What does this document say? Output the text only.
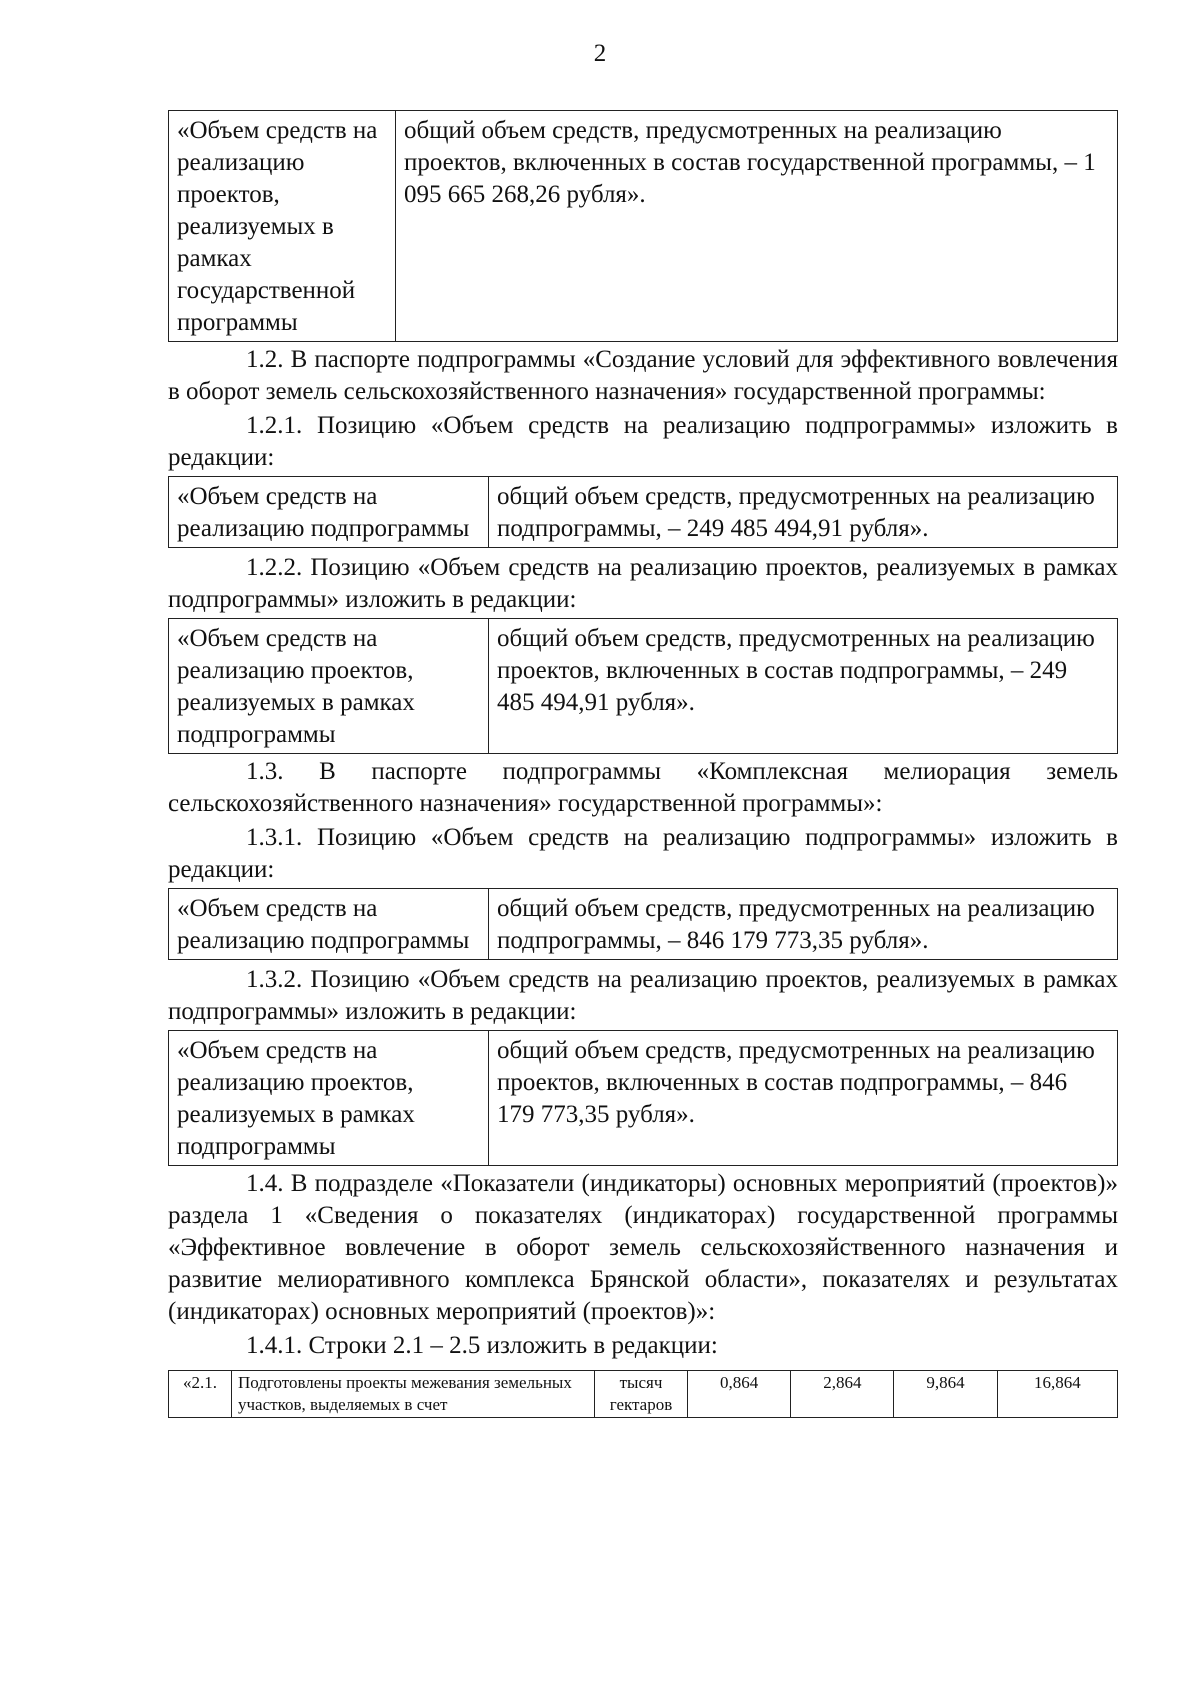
2
«Объем средств на реализацию проектов, реализуемых в рамках государственной программы	общий объем средств, предусмотренных на реализацию проектов, включенных в состав государственной программы, – 1 095 665 268,26 рубля».

1.2. В паспорте подпрограммы «Создание условий для эффективного вовлечения в оборот земель сельскохозяйственного назначения» государственной программы:

1.2.1. Позицию «Объем средств на реализацию подпрограммы» изложить в редакции:

«Объем средств на реализацию подпрограммы	общий объем средств, предусмотренных на реализацию подпрограммы, – 249 485 494,91 рубля».

1.2.2. Позицию «Объем средств на реализацию проектов, реализуемых в рамках подпрограммы» изложить в редакции:

«Объем средств на реализацию проектов, реализуемых в рамках подпрограммы	общий объем средств, предусмотренных на реализацию проектов, включенных в состав подпрограммы, – 249 485 494,91 рубля».

1.3. В паспорте подпрограммы «Комплексная мелиорация земель сельскохозяйственного назначения» государственной программы»:

1.3.1. Позицию «Объем средств на реализацию подпрограммы» изложить в редакции:

«Объем средств на реализацию подпрограммы	общий объем средств, предусмотренных на реализацию подпрограммы, – 846 179 773,35 рубля».

1.3.2. Позицию «Объем средств на реализацию проектов, реализуемых в рамках подпрограммы» изложить в редакции:

«Объем средств на реализацию проектов, реализуемых в рамках подпрограммы	общий объем средств, предусмотренных на реализацию проектов, включенных в состав подпрограммы, – 846 179 773,35 рубля».

1.4. В подразделе «Показатели (индикаторы) основных мероприятий (проектов)» раздела 1 «Сведения о показателях (индикаторах) государственной программы «Эффективное вовлечение в оборот земель сельскохозяйственного назначения и развитие мелиоративного комплекса Брянской области», показателях и результатах (индикаторах) основных мероприятий (проектов)»:

1.4.1. Строки 2.1 – 2.5 изложить в редакции:

«2.1.	Подготовлены проекты межевания земельных участков, выделяемых в счет	тысяч гектаров	0,864	2,864	9,864	16,864
